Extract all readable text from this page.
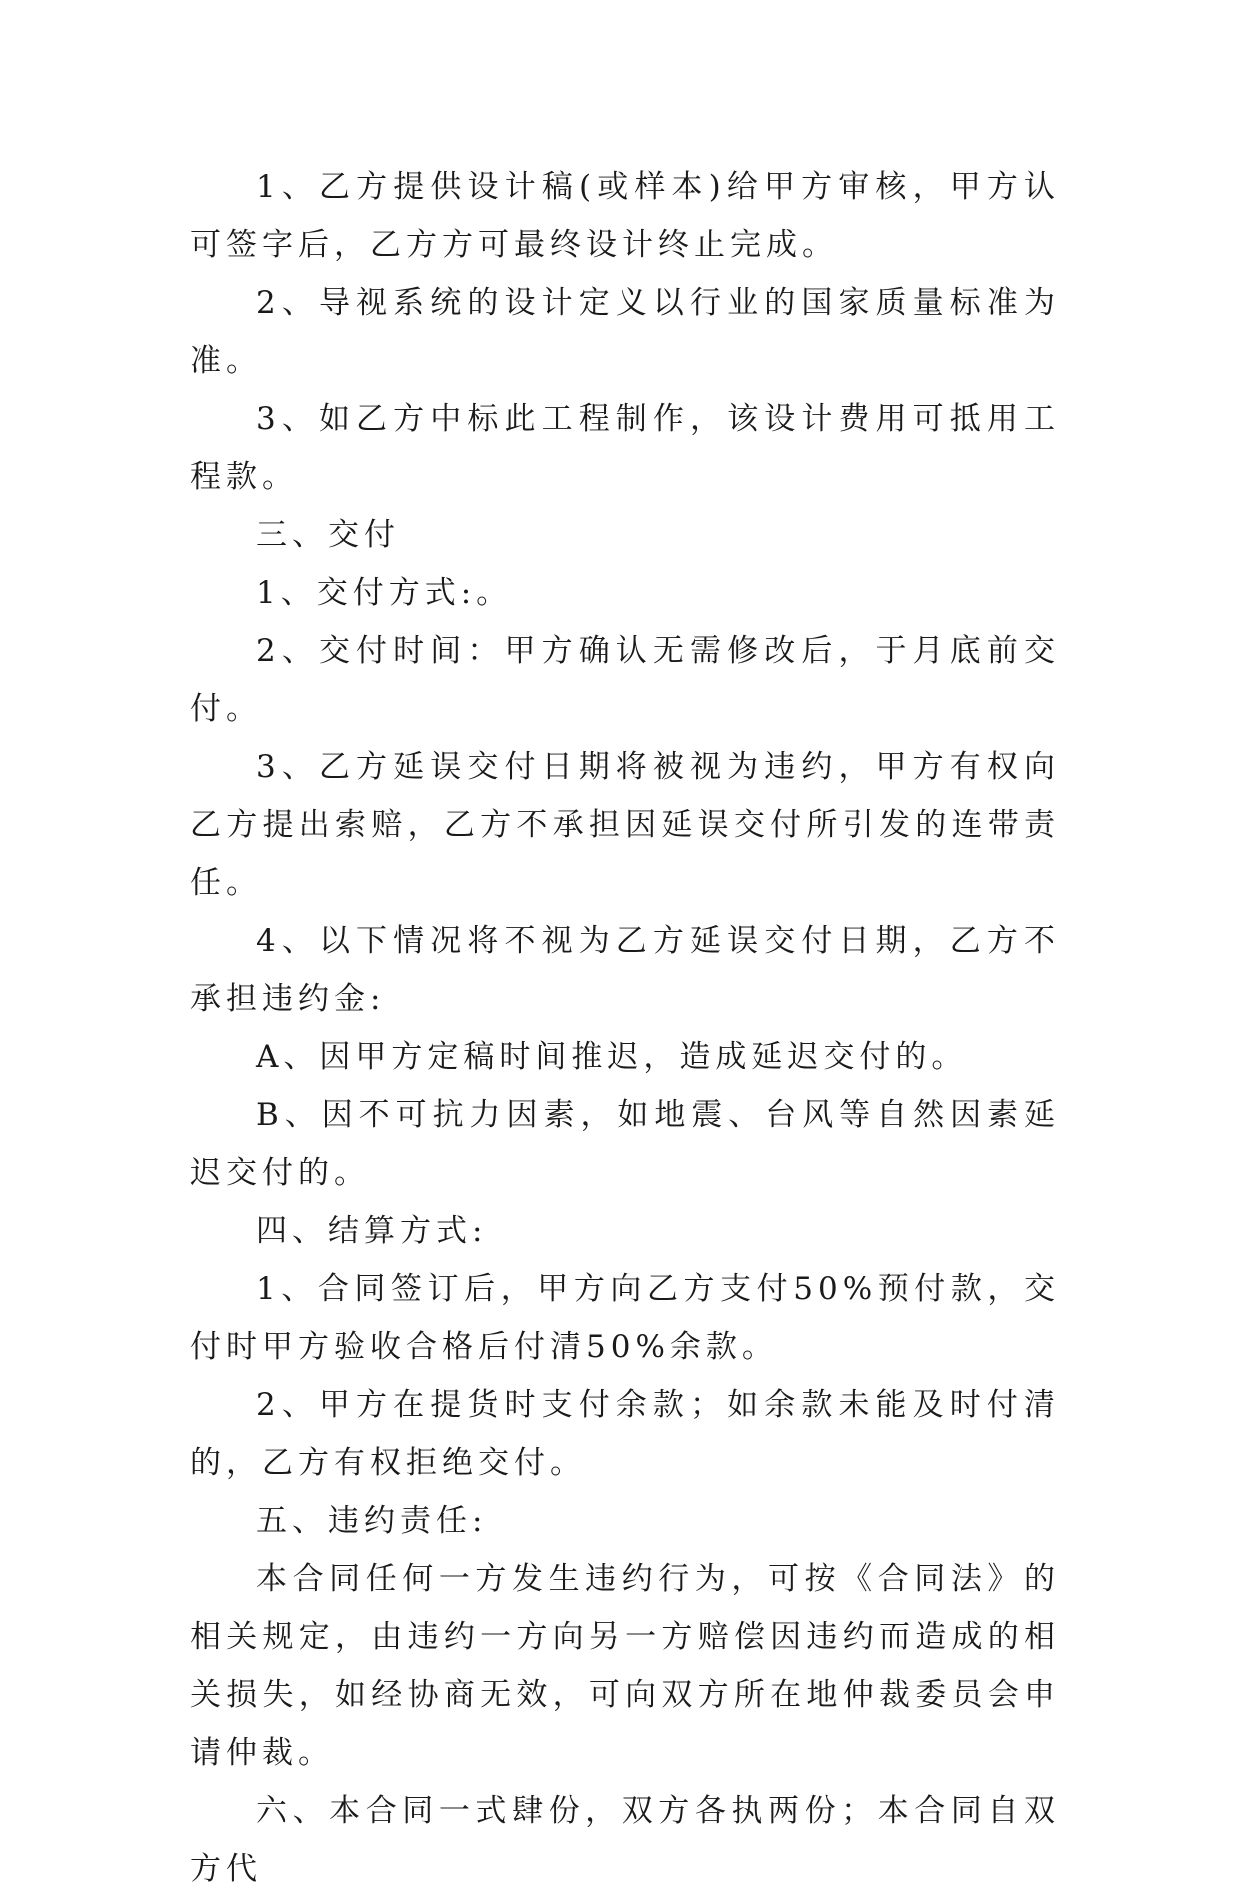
1、乙方提供设计稿(或样本)给甲方审核，甲方认可签字后，乙方方可最终设计终止完成。

2、导视系统的设计定义以行业的国家质量标准为准。

3、如乙方中标此工程制作，该设计费用可抵用工程款。

三、交付

1、交付方式:。

2、交付时间：甲方确认无需修改后，于月底前交付。

3、乙方延误交付日期将被视为违约，甲方有权向乙方提出索赔，乙方不承担因延误交付所引发的连带责任。

4、以下情况将不视为乙方延误交付日期，乙方不承担违约金:

A、因甲方定稿时间推迟，造成延迟交付的。

B、因不可抗力因素，如地震、台风等自然因素延迟交付的。

四、结算方式:

1、合同签订后，甲方向乙方支付50%预付款，交付时甲方验收合格后付清50%余款。

2、甲方在提货时支付余款；如余款未能及时付清的，乙方有权拒绝交付。

五、违约责任:

本合同任何一方发生违约行为，可按《合同法》的相关规定，由违约一方向另一方赔偿因违约而造成的相关损失，如经协商无效，可向双方所在地仲裁委员会申请仲裁。

六、本合同一式肆份，双方各执两份；本合同自双方代
